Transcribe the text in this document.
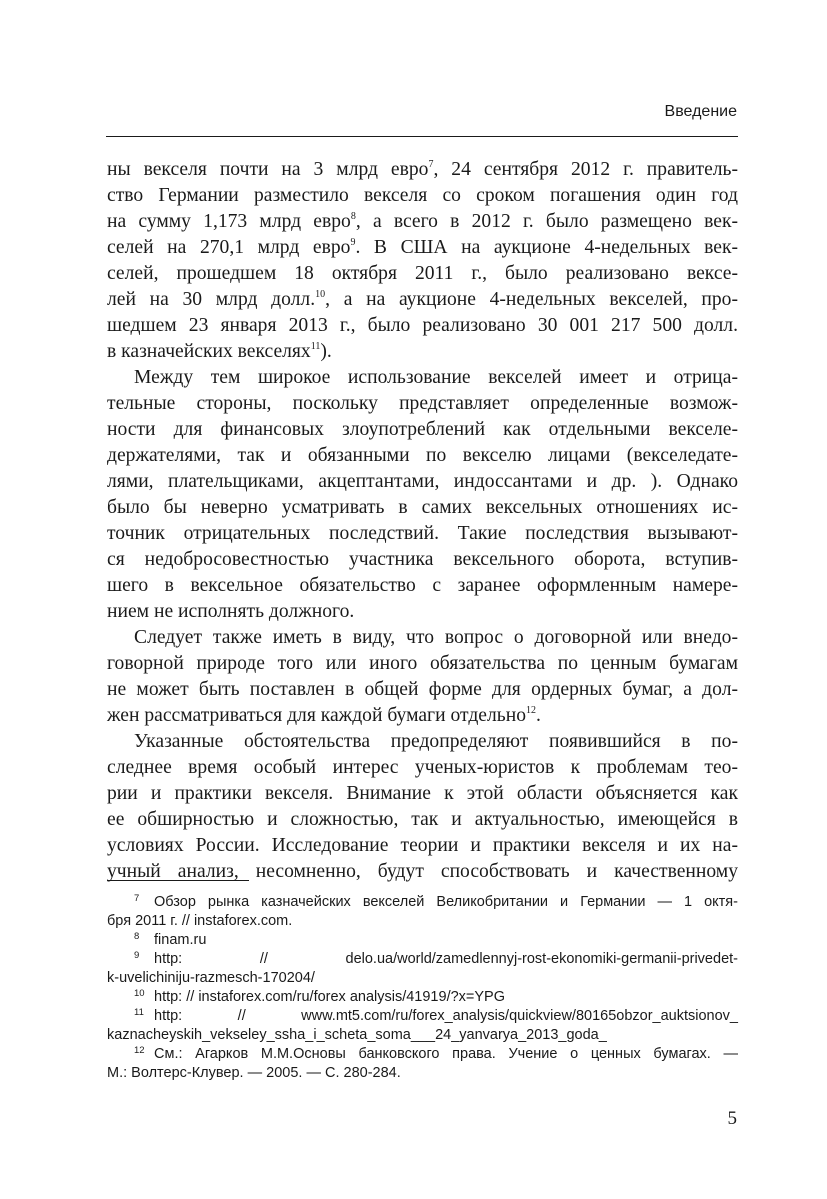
Введение
ны векселя почти на 3 млрд евро$^7$, 24 сентября 2012 г. правитель-
ство Германии разместило векселя со сроком погашения один год
на сумму 1,173 млрд евро$^8$, а всего в 2012 г. было размещено век-
селей на 270,1 млрд евро$^9$. В США на аукционе 4-недельных век-
селей, прошедшем 18 октября 2011 г., было реализовано вексе-
лей на 30 млрд долл.$^{10}$, а на аукционе 4-недельных векселей, про-
шедшем 23 января 2013 г., было реализовано 30 001 217 500 долл.
в казначейских векселях$^{11}$).
Между тем широкое использование векселей имеет и отрица-
тельные стороны, поскольку представляет определенные возмож-
ности для финансовых злоупотреблений как отдельными векселе-
держателями, так и обязанными по векселю лицами (векселедате-
лями, плательщиками, акцептантами, индоссантами и др. ). Однако
было бы неверно усматривать в самих вексельных отношениях ис-
точник отрицательных последствий. Такие последствия вызывают-
ся недобросовестностью участника вексельного оборота, вступив-
шего в вексельное обязательство с заранее оформленным намере-
нием не исполнять должного.
Следует также иметь в виду, что вопрос о договорной или внедо-
говорной природе того или иного обязательства по ценным бумагам
не может быть поставлен в общей форме для ордерных бумаг, а дол-
жен рассматриваться для каждой бумаги отдельно$^{12}$.
Указанные обстоятельства предопределяют появившийся в по-
следнее время особый интерес ученых-юристов к проблемам тео-
рии и практики векселя. Внимание к этой области объясняется как
ее обширностью и сложностью, так и актуальностью, имеющейся в
условиях России. Исследование теории и практики векселя и их на-
учный анализ, несомненно, будут способствовать и качественному
7 Обзор рынка казначейских векселей Великобритании и Германии — 1 октя-
бря 2011 г. // instaforex.com.
8 finam.ru
9 http: // delo.ua/world/zamedlennyj-rost-ekonomiki-germanii-privedet-
k-uvelichiniju-razmesch-170204/
10 http: // instaforex.com/ru/forex analysis/41919/?x=YPG
11 http: // www.mt5.com/ru/forex_analysis/quickview/80165obzor_auktsionov_
kaznacheyskih_vekseley_ssha_i_scheta_soma___24_yanvarya_2013_goda_
12 См.: Агарков М.М.Основы банковского права. Учение о ценных бумагах. —
М.: Волтерс-Клувер. — 2005. — С. 280-284.
5
